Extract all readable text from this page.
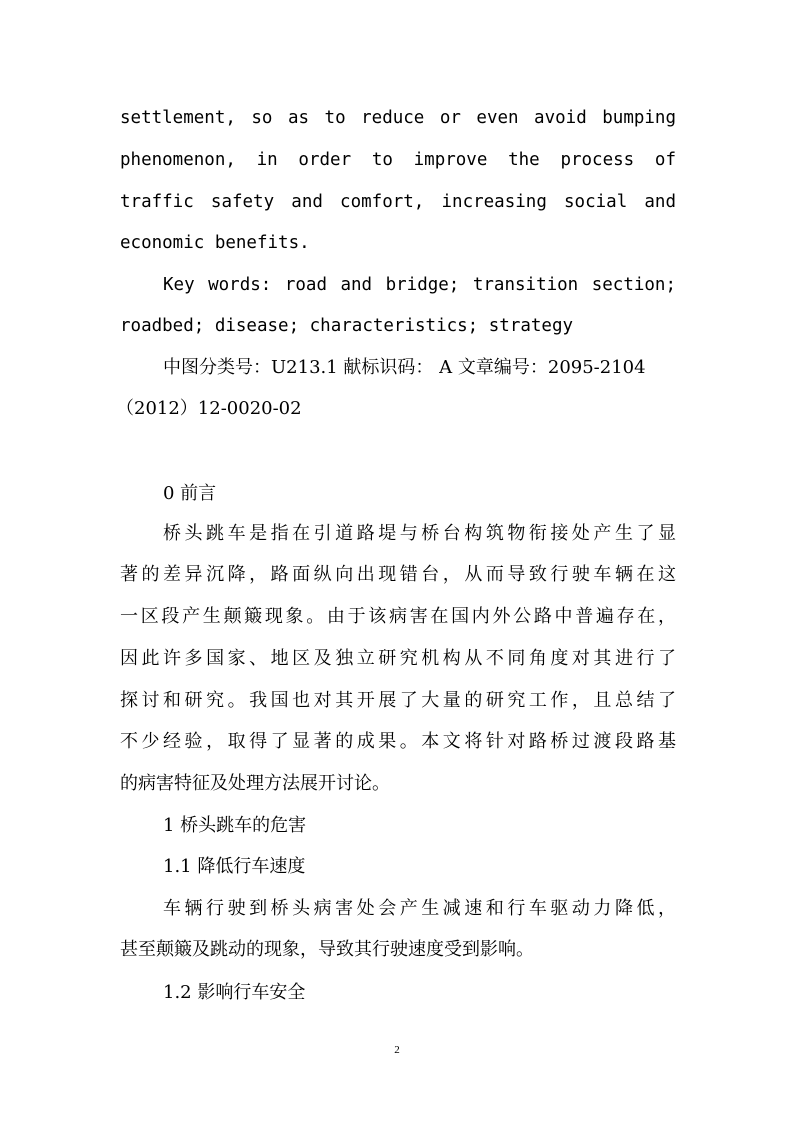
settlement, so as to reduce or even avoid bumping
phenomenon, in order to improve the process of
traffic safety and comfort, increasing social and
economic benefits.
Key words: road and bridge; transition section;
roadbed; disease; characteristics; strategy
中图分类号：U213.1 献标识码： A 文章编号：2095-2104
（2012）12-0020-02
0 前言
桥头跳车是指在引道路堤与桥台构筑物衔接处产生了显
著的差异沉降，路面纵向出现错台，从而导致行驶车辆在这
一区段产生颠簸现象。由于该病害在国内外公路中普遍存在，
因此许多国家、地区及独立研究机构从不同角度对其进行了
探讨和研究。我国也对其开展了大量的研究工作，且总结了
不少经验，取得了显著的成果。本文将针对路桥过渡段路基
的病害特征及处理方法展开讨论。
1 桥头跳车的危害
1.1 降低行车速度
车辆行驶到桥头病害处会产生减速和行车驱动力降低，
甚至颠簸及跳动的现象，导致其行驶速度受到影响。
1.2 影响行车安全
2
